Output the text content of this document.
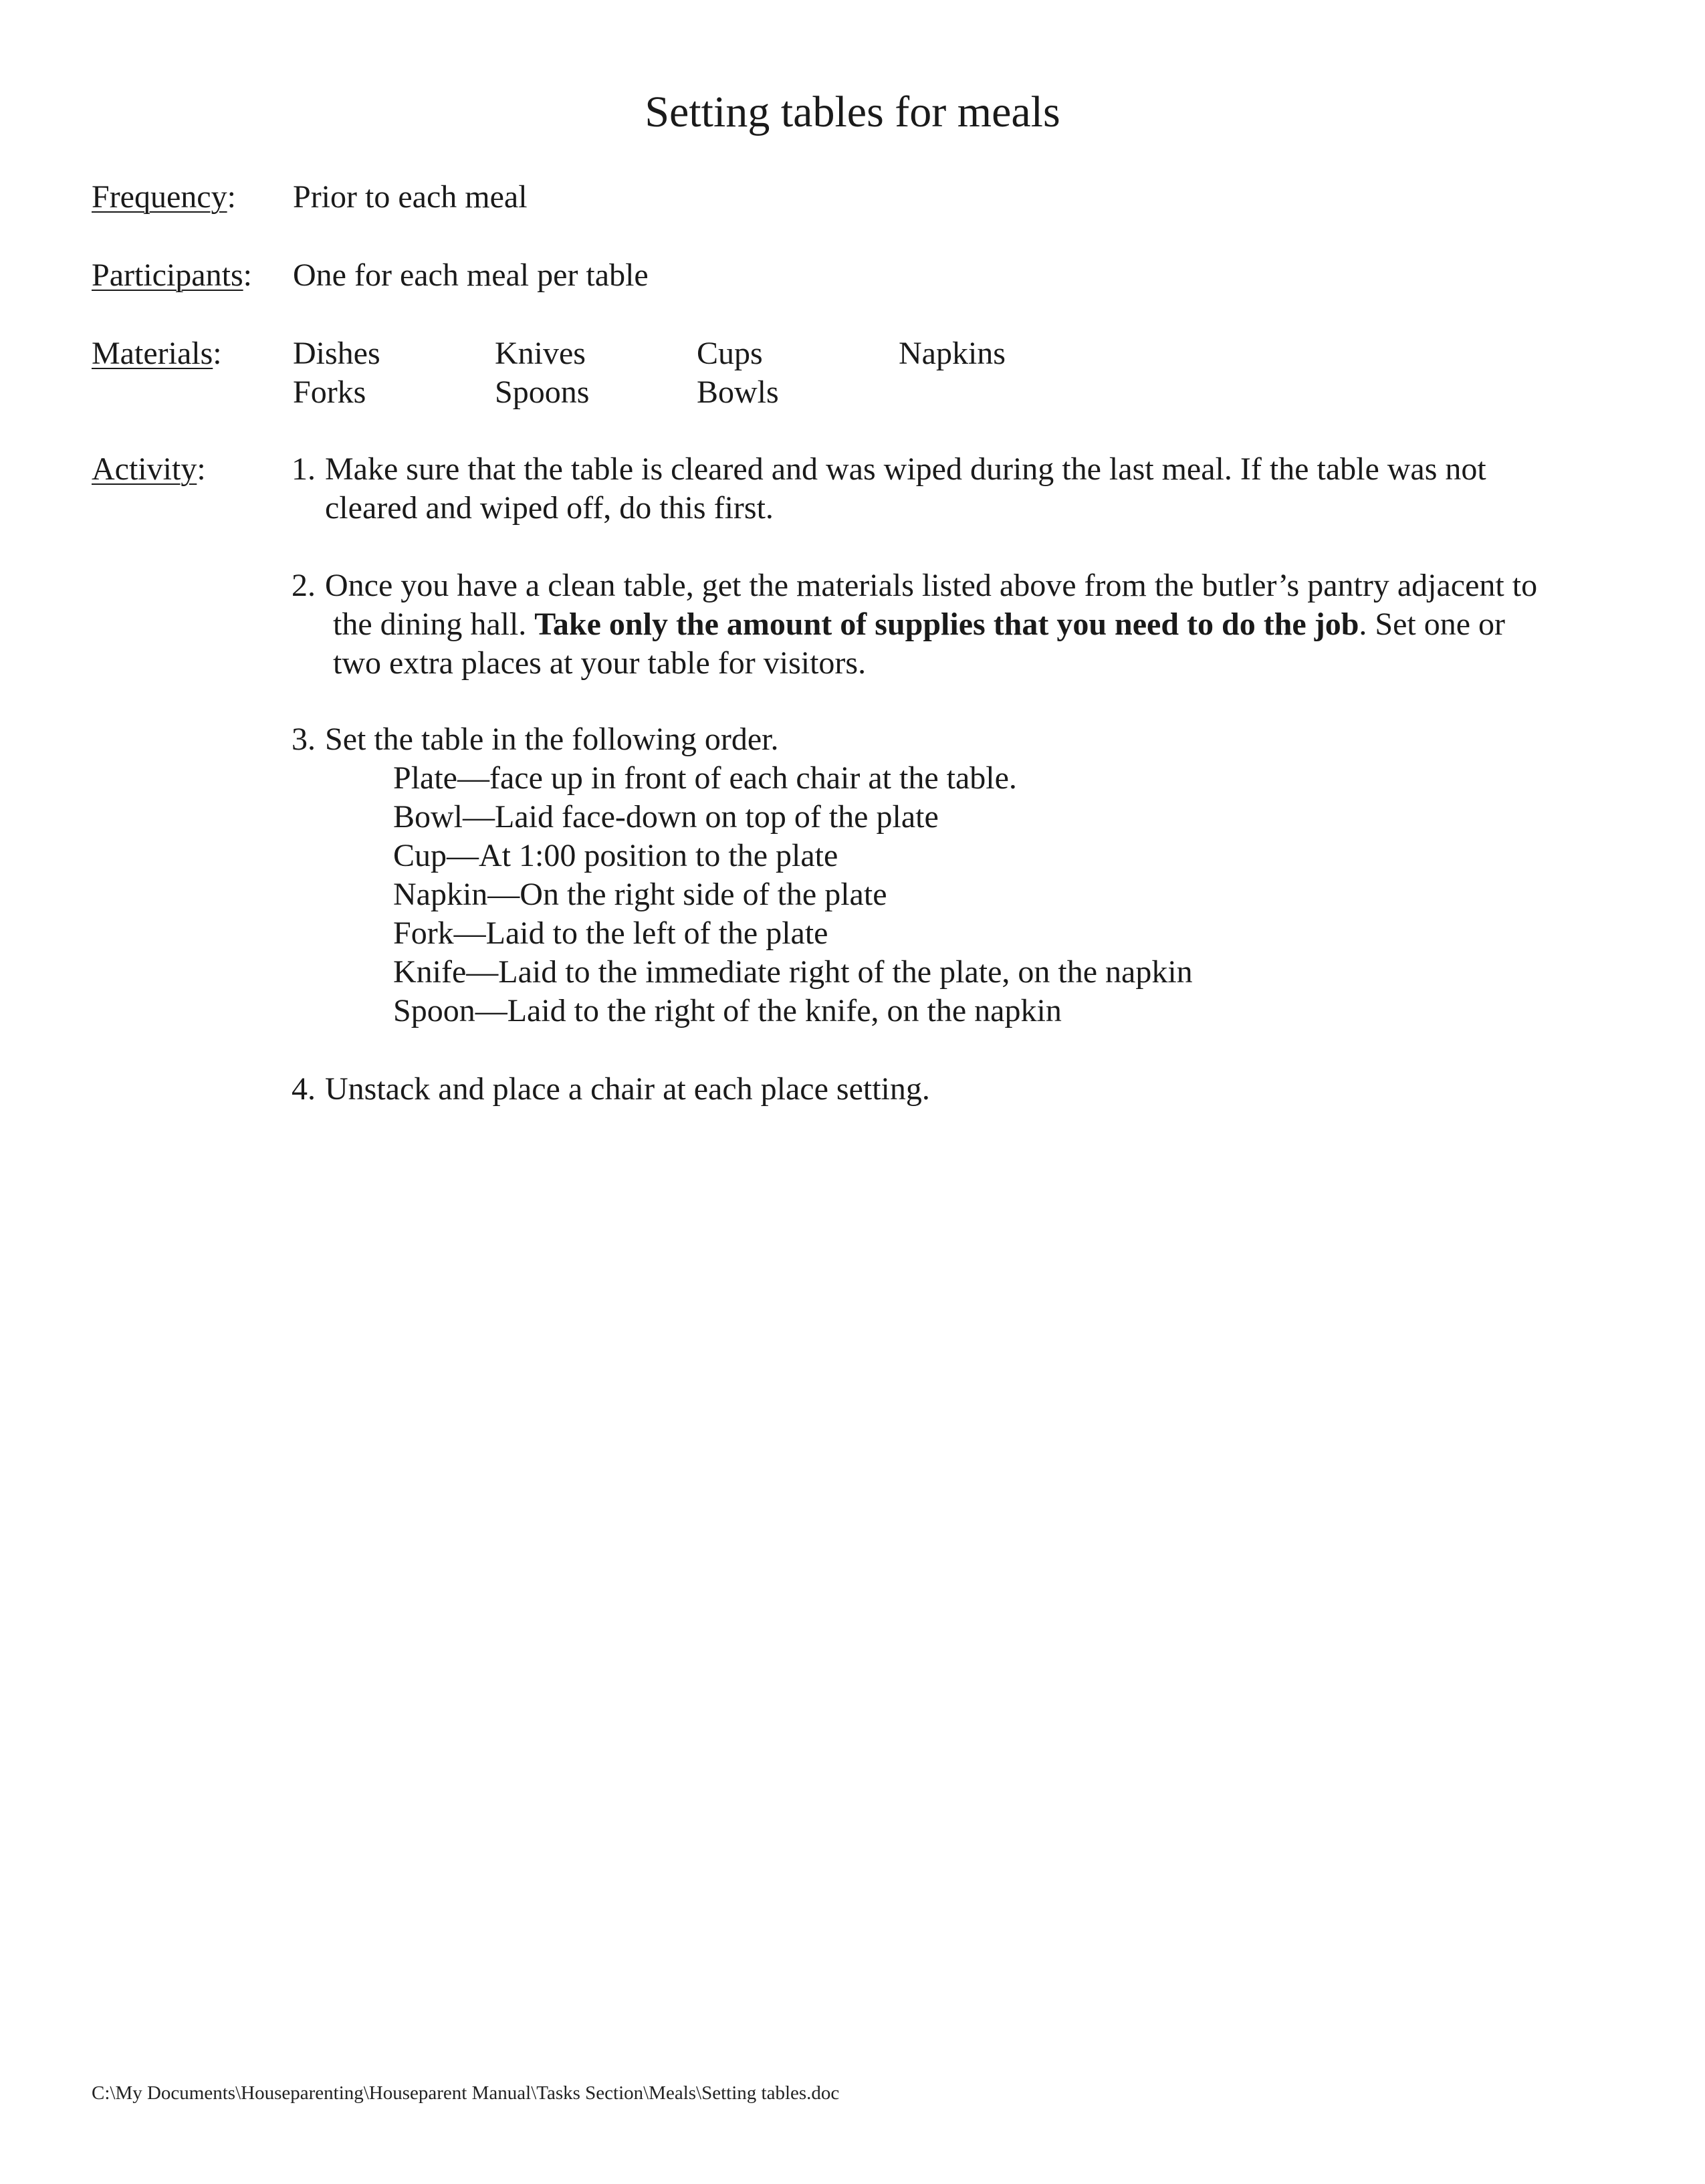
Setting tables for meals
Frequency: Prior to each meal
Participants: One for each meal per table
Materials: Dishes	Knives	Cups	Napkins
Forks	Spoons	Bowls
Activity:	1. Make sure that the table is cleared and was wiped during the last meal. If the table was not
cleared and wiped off, do this first.
2. Once you have a clean table, get the materials listed above from the butler’s pantry adjacent to
the dining hall. Take only the amount of supplies that you need to do the job. Set one or
two extra places at your table for visitors.
3. Set the table in the following order.
Plate—face up in front of each chair at the table.
Bowl—Laid face-down on top of the plate
Cup—At 1:00 position to the plate
Napkin—On the right side of the plate
Fork—Laid to the left of the plate
Knife—Laid to the immediate right of the plate, on the napkin
Spoon—Laid to the right of the knife, on the napkin
4. Unstack and place a chair at each place setting.
C:\My Documents\Houseparenting\Houseparent Manual\Tasks Section\Meals\Setting tables.doc
